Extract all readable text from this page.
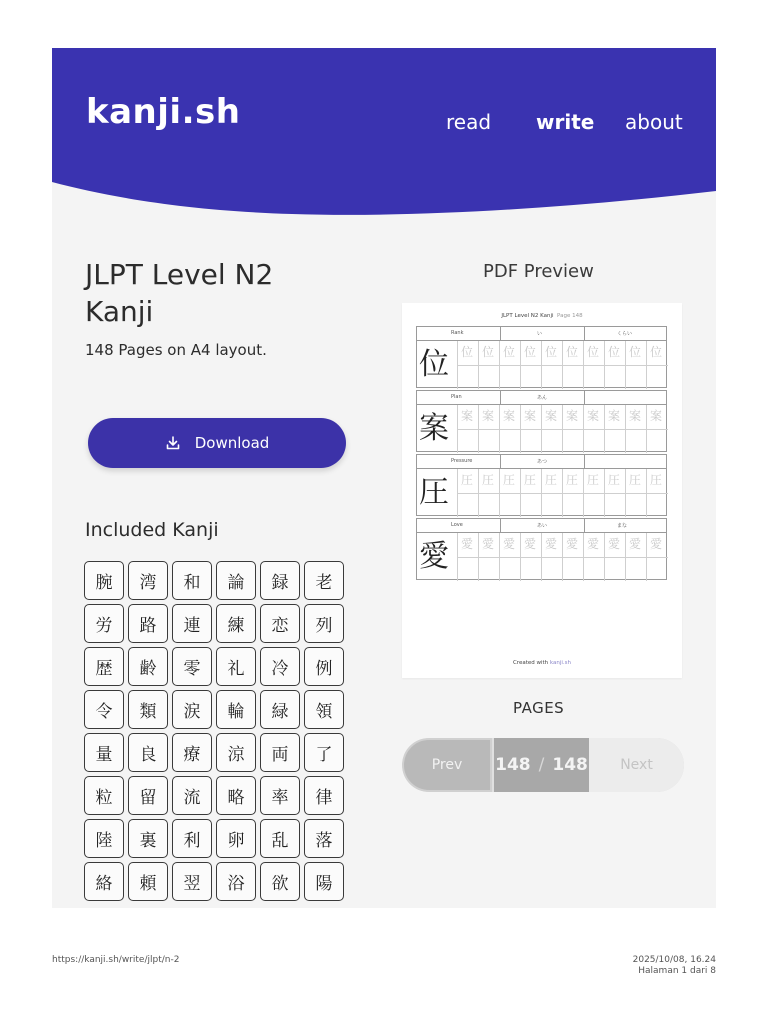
kanji.sh	read write about
JLPT Level N2 Kanji
148 Pages on A4 layout.
Download
Included Kanji
腕	湾	和	論	録	老
労	路	連	練	恋	列
歴	齢	零	礼	冷	例
令	類	涙	輪	緑	領
量	良	療	涼	両	了
粒	留	流	略	率	律
陸	裏	利	卵	乱	落
絡	頼	翌	浴	欲	陽
PDF Preview
JLPT Level N2 Kanji Page 148
Created with kanji.sh
Rank	い	くらい
位 位 位 位 位 位 位 位 位 位 位
Plan	あん
案 案 案 案 案 案 案 案 案 案 案
Pressure	あつ
圧 圧 圧 圧 圧 圧 圧 圧 圧 圧 圧
Love	あい	まな
愛 愛 愛 愛 愛 愛 愛 愛 愛 愛 愛
PAGES
Prev	148 / 148	Next
https://kanji.sh/write/jlpt/n-2	2025/10/08, 16.24
Halaman 1 dari 8
